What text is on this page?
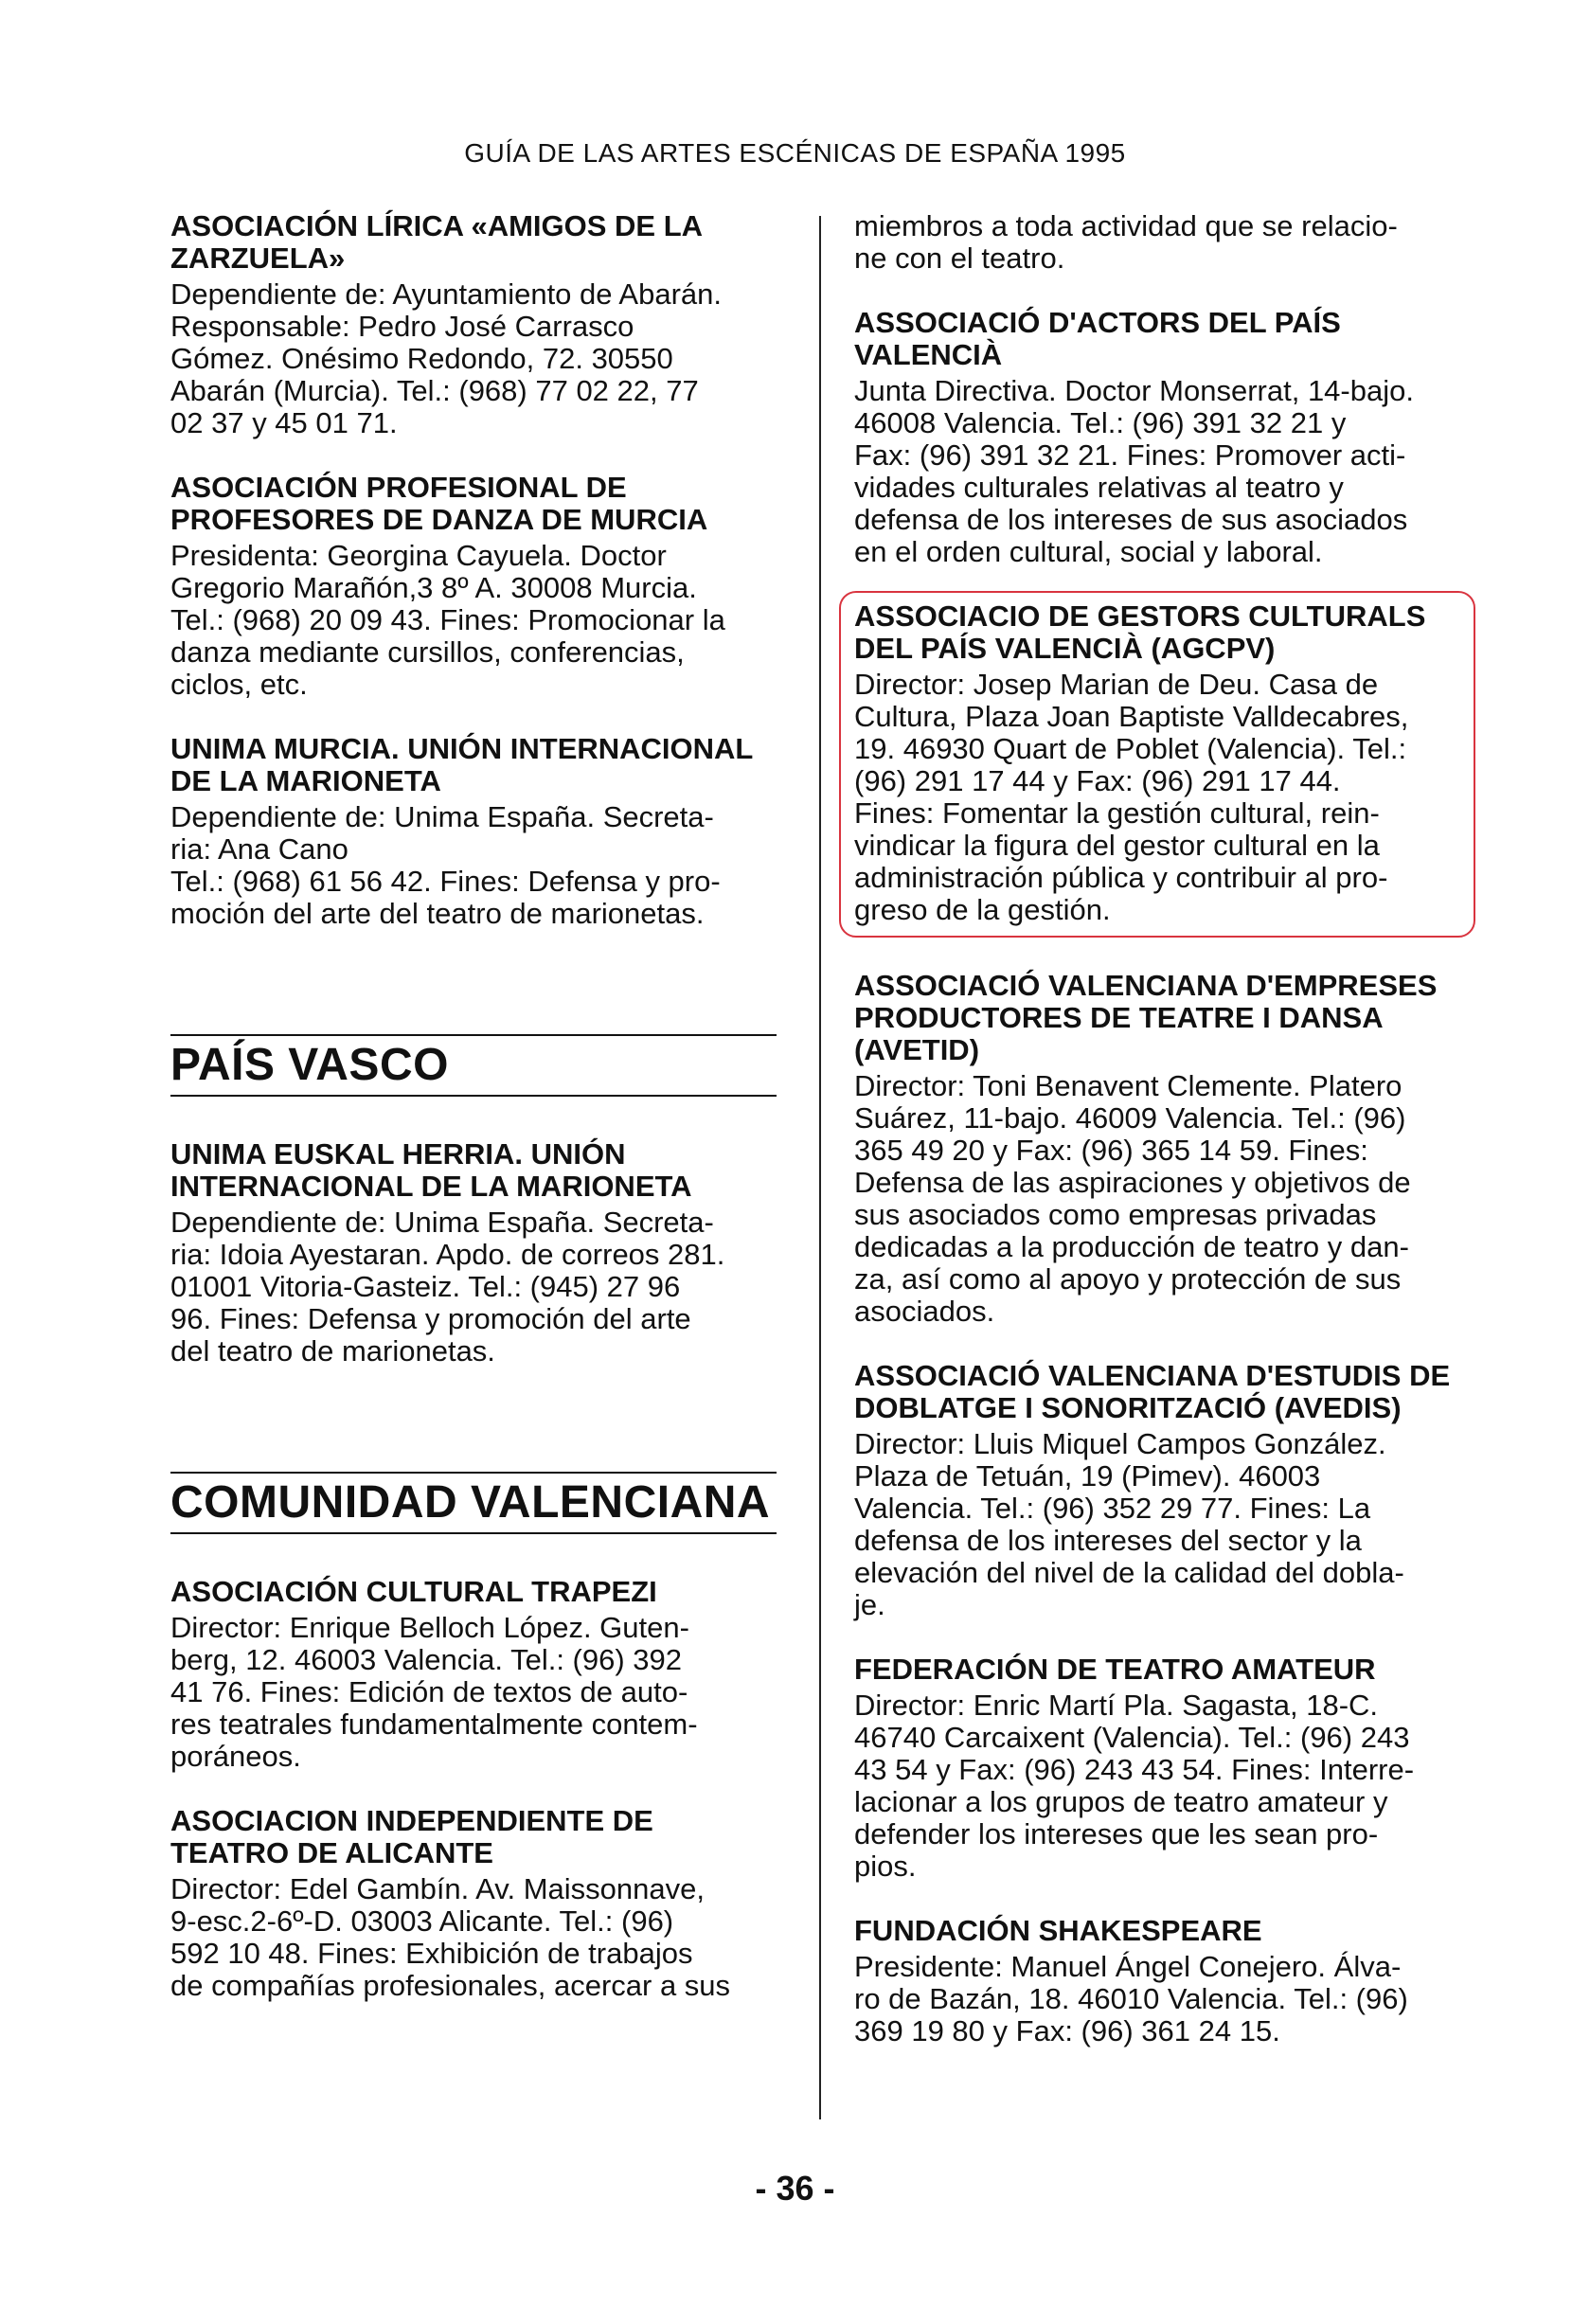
GUÍA DE LAS ARTES ESCÉNICAS DE ESPAÑA 1995

ASOCIACIÓN LÍRICA «AMIGOS DE LA ZARZUELA»

Dependiente de: Ayuntamiento de Abarán.
Responsable: Pedro José Carrasco
Gómez. Onésimo Redondo, 72. 30550
Abarán (Murcia). Tel.: (968) 77 02 22, 77
02 37 y 45 01 71.

ASOCIACIÓN PROFESIONAL DE PROFESORES DE DANZA DE MURCIA

Presidenta: Georgina Cayuela. Doctor
Gregorio Marañón,3 8º A. 30008 Murcia.
Tel.: (968) 20 09 43. Fines: Promocionar la
danza mediante cursillos, conferencias,
ciclos, etc.

UNIMA MURCIA. UNIÓN INTERNACIONAL DE LA MARIONETA

Dependiente de: Unima España. Secreta-
ria: Ana Cano
Tel.: (968) 61 56 42. Fines: Defensa y pro-
moción del arte del teatro de marionetas.

PAÍS VASCO

UNIMA EUSKAL HERRIA. UNIÓN INTERNACIONAL DE LA MARIONETA

Dependiente de: Unima España. Secreta-
ria: Idoia Ayestaran. Apdo. de correos 281.
01001 Vitoria-Gasteiz. Tel.: (945) 27 96
96. Fines: Defensa y promoción del arte
del teatro de marionetas.

COMUNIDAD VALENCIANA

ASOCIACIÓN CULTURAL TRAPEZI

Director: Enrique Belloch López. Guten-
berg, 12. 46003 Valencia. Tel.: (96) 392
41 76. Fines: Edición de textos de auto-
res teatrales fundamentalmente contem-
poráneos.

ASOCIACION INDEPENDIENTE DE TEATRO DE ALICANTE

Director: Edel Gambín. Av. Maissonnave,
9-esc.2-6º-D. 03003 Alicante. Tel.: (96)
592 10 48. Fines: Exhibición de trabajos
de compañías profesionales, acercar a sus

miembros a toda actividad que se relacio-
ne con el teatro.

ASSOCIACIÓ D'ACTORS DEL PAÍS VALENCIÀ

Junta Directiva. Doctor Monserrat, 14-bajo.
46008 Valencia. Tel.: (96) 391 32 21 y
Fax: (96) 391 32 21. Fines: Promover acti-
vidades culturales relativas al teatro y
defensa de los intereses de sus asociados
en el orden cultural, social y laboral.

ASSOCIACIO DE GESTORS CULTURALS DEL PAÍS VALENCIÀ (AGCPV)

Director: Josep Marian de Deu. Casa de
Cultura, Plaza Joan Baptiste Valldecabres,
19. 46930 Quart de Poblet (Valencia). Tel.:
(96) 291 17 44 y Fax: (96) 291 17 44.
Fines: Fomentar la gestión cultural, rein-
vindicar la figura del gestor cultural en la
administración pública y contribuir al pro-
greso de la gestión.

ASSOCIACIÓ VALENCIANA D'EMPRESES PRODUCTORES DE TEATRE I DANSA (AVETID)

Director: Toni Benavent Clemente. Platero
Suárez, 11-bajo. 46009 Valencia. Tel.: (96)
365 49 20 y Fax: (96) 365 14 59. Fines:
Defensa de las aspiraciones y objetivos de
sus asociados como empresas privadas
dedicadas a la producción de teatro y dan-
za, así como al apoyo y protección de sus
asociados.

ASSOCIACIÓ VALENCIANA D'ESTUDIS DE DOBLATGE I SONORITZACIÓ (AVEDIS)

Director: Lluis Miquel Campos González.
Plaza de Tetuán, 19 (Pimev). 46003
Valencia. Tel.: (96) 352 29 77. Fines: La
defensa de los intereses del sector y la
elevación del nivel de la calidad del dobla-
je.

FEDERACIÓN DE TEATRO AMATEUR

Director: Enric Martí Pla. Sagasta, 18-C.
46740 Carcaixent (Valencia). Tel.: (96) 243
43 54 y Fax: (96) 243 43 54. Fines: Interre-
lacionar a los grupos de teatro amateur y
defender los intereses que les sean pro-
pios.

FUNDACIÓN SHAKESPEARE

Presidente: Manuel Ángel Conejero. Álva-
ro de Bazán, 18. 46010 Valencia. Tel.: (96)
369 19 80 y Fax: (96) 361 24 15.

- 36 -
